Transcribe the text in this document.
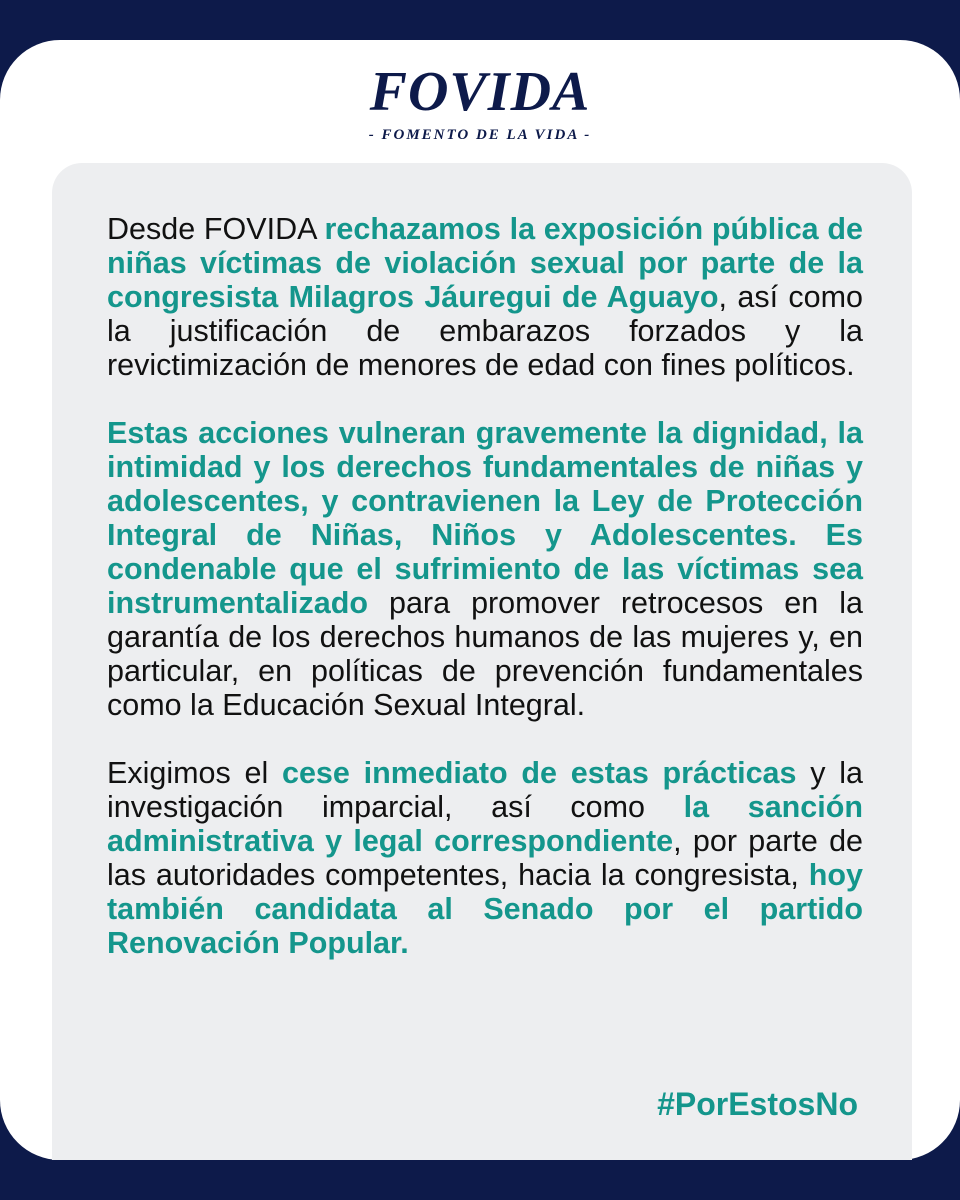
FOVIDA
- FOMENTO DE LA VIDA -

Desde FOVIDA rechazamos la exposición pública de niñas víctimas de violación sexual por parte de la congresista Milagros Jáuregui de Aguayo, así como la justificación de embarazos forzados y la revictimización de menores de edad con fines políticos.

Estas acciones vulneran gravemente la dignidad, la intimidad y los derechos fundamentales de niñas y adolescentes, y contravienen la Ley de Protección Integral de Niñas, Niños y Adolescentes. Es condenable que el sufrimiento de las víctimas sea instrumentalizado para promover retrocesos en la garantía de los derechos humanos de las mujeres y, en particular, en políticas de prevención fundamentales como la Educación Sexual Integral.

Exigimos el cese inmediato de estas prácticas y la investigación imparcial, así como la sanción administrativa y legal correspondiente, por parte de las autoridades competentes, hacia la congresista, hoy también candidata al Senado por el partido Renovación Popular.

#PorEstosNo
